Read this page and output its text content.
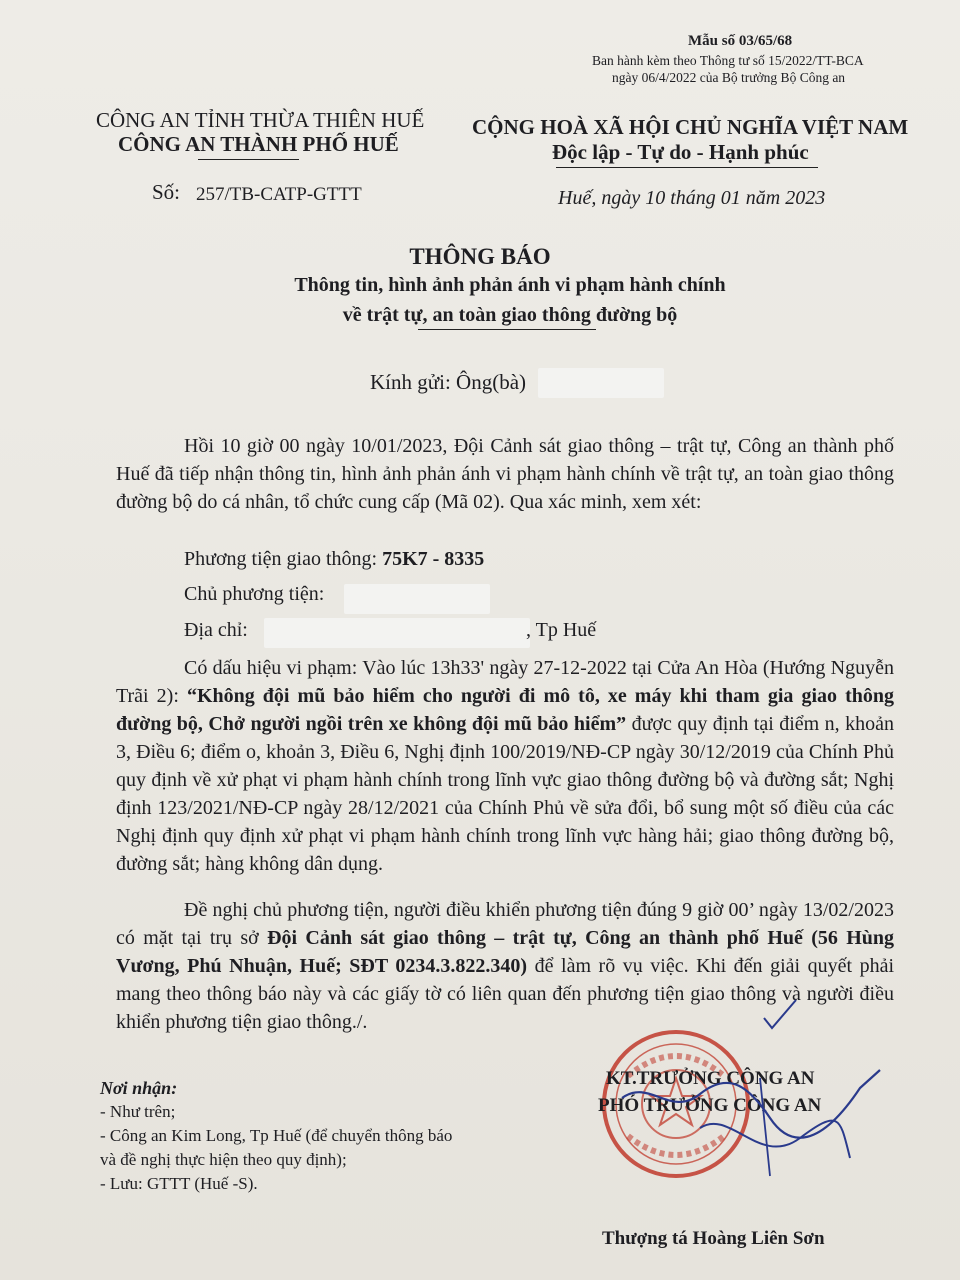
Mẫu số 03/65/68
Ban hành kèm theo Thông tư số 15/2022/TT-BCA
ngày 06/4/2022 của Bộ trưởng Bộ Công an
CÔNG AN TỈNH THỪA THIÊN HUẾ
CÔNG AN THÀNH PHỐ HUẾ
CỘNG HOÀ XÃ HỘI CHỦ NGHĨA VIỆT NAM
Độc lập - Tự do - Hạnh phúc
Số: 257/TB-CATP-GTTT	Huế, ngày 10 tháng 01 năm 2023
THÔNG BÁO
Thông tin, hình ảnh phản ánh vi phạm hành chính
về trật tự, an toàn giao thông đường bộ
Kính gửi: Ông(bà)

Hồi 10 giờ 00 ngày 10/01/2023, Đội Cảnh sát giao thông – trật tự, Công an thành phố Huế đã tiếp nhận thông tin, hình ảnh phản ánh vi phạm hành chính về trật tự, an toàn giao thông đường bộ do cá nhân, tổ chức cung cấp (Mã 02). Qua xác minh, xem xét:

Phương tiện giao thông: 75K7 - 8335
Chủ phương tiện:
Địa chỉ:	, Tp Huế

Có dấu hiệu vi phạm: Vào lúc 13h33' ngày 27-12-2022 tại Cửa An Hòa (Hướng Nguyễn Trãi 2): “Không đội mũ bảo hiểm cho người đi mô tô, xe máy khi tham gia giao thông đường bộ, Chở người ngồi trên xe không đội mũ bảo hiểm” được quy định tại điểm n, khoản 3, Điều 6; điểm o, khoản 3, Điều 6, Nghị định 100/2019/NĐ-CP ngày 30/12/2019 của Chính Phủ quy định về xử phạt vi phạm hành chính trong lĩnh vực giao thông đường bộ và đường sắt; Nghị định 123/2021/NĐ-CP ngày 28/12/2021 của Chính Phủ về sửa đổi, bổ sung một số điều của các Nghị định quy định xử phạt vi phạm hành chính trong lĩnh vực hàng hải; giao thông đường bộ, đường sắt; hàng không dân dụng.

Đề nghị chủ phương tiện, người điều khiển phương tiện đúng 9 giờ 00’ ngày 13/02/2023 có mặt tại trụ sở Đội Cảnh sát giao thông – trật tự, Công an thành phố Huế (56 Hùng Vương, Phú Nhuận, Huế; SĐT 0234.3.822.340) để làm rõ vụ việc. Khi đến giải quyết phải mang theo thông báo này và các giấy tờ có liên quan đến phương tiện giao thông và người điều khiển phương tiện giao thông./.

Nơi nhận:
- Như trên;
- Công an Kim Long, Tp Huế (để chuyển thông báo
và đề nghị thực hiện theo quy định);
- Lưu: GTTT (Huế -S).
KT.TRƯỞNG CÔNG AN
PHÓ TRƯỞNG CÔNG AN
Thượng tá Hoàng Liên Sơn
